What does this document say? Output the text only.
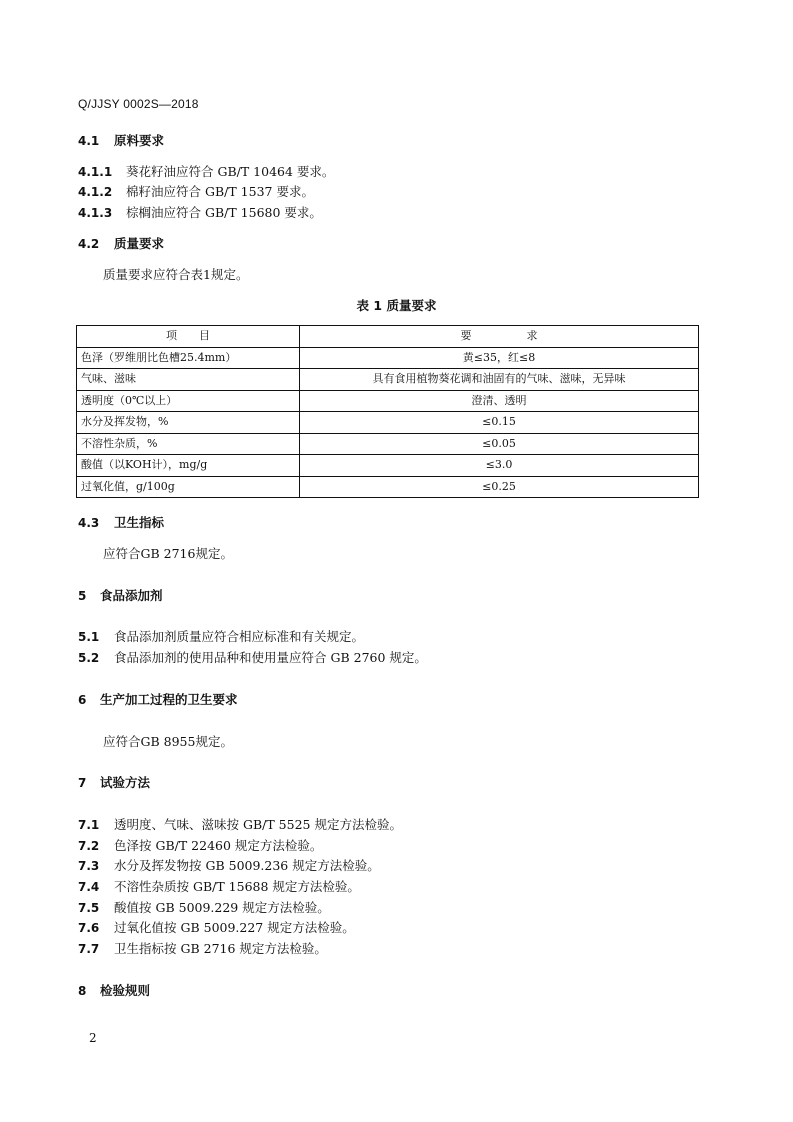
Q/JJSY 0002S—2018
4.1 原料要求
4.1.1 葵花籽油应符合 GB/T 10464 要求。
4.1.2 棉籽油应符合 GB/T 1537 要求。
4.1.3 棕榈油应符合 GB/T 15680 要求。
4.2 质量要求
质量要求应符合表1规定。
表 1 质量要求
项　　目	要　　　　　求
色泽（罗维朋比色槽25.4mm）	黄≤35，红≤8
气味、滋味	具有食用植物葵花调和油固有的气味、滋味，无异味
透明度（0℃以上）	澄清、透明
水分及挥发物，%	≤0.15
不溶性杂质，%	≤0.05
酸值（以KOH计），mg/g	≤3.0
过氧化值，g/100g	≤0.25
4.3 卫生指标
应符合GB 2716规定。
5 食品添加剂
5.1 食品添加剂质量应符合相应标准和有关规定。
5.2 食品添加剂的使用品种和使用量应符合 GB 2760 规定。
6 生产加工过程的卫生要求
应符合GB 8955规定。
7 试验方法
7.1 透明度、气味、滋味按 GB/T 5525 规定方法检验。
7.2 色泽按 GB/T 22460 规定方法检验。
7.3 水分及挥发物按 GB 5009.236 规定方法检验。
7.4 不溶性杂质按 GB/T 15688 规定方法检验。
7.5 酸值按 GB 5009.229 规定方法检验。
7.6 过氧化值按 GB 5009.227 规定方法检验。
7.7 卫生指标按 GB 2716 规定方法检验。
8 检验规则
2
